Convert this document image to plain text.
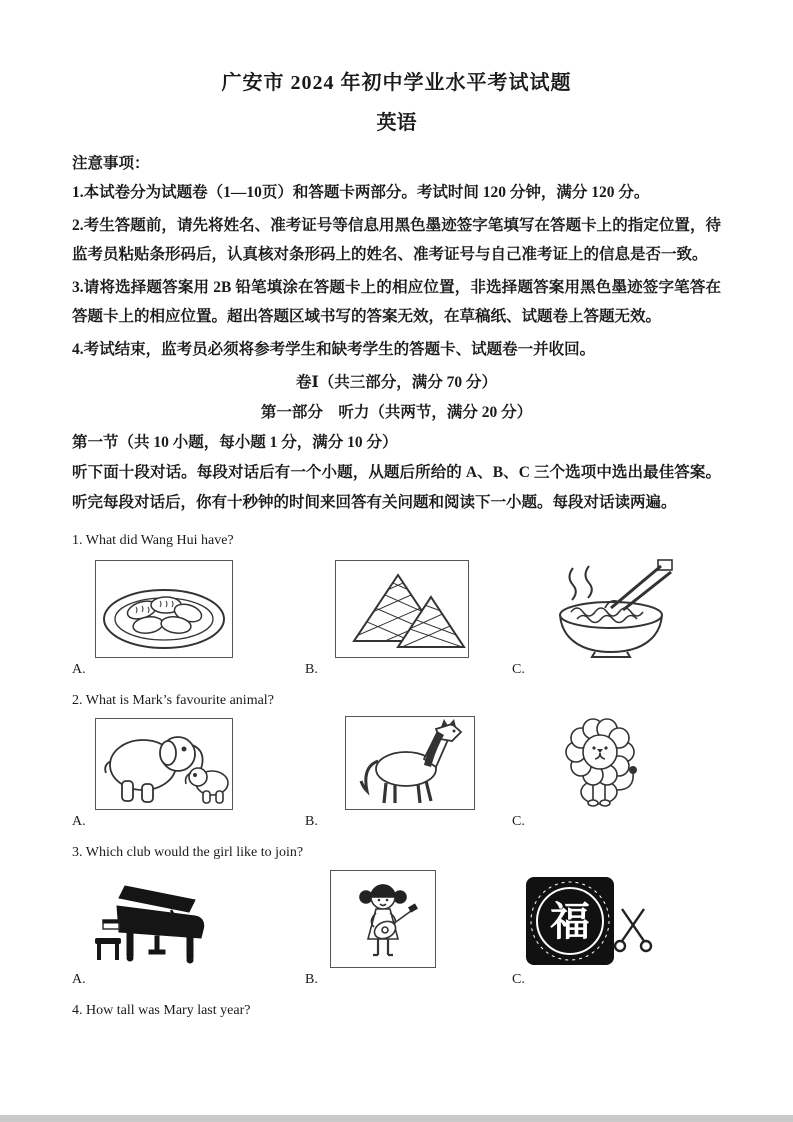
广安市 2024 年初中学业水平考试试题
英语

注意事项：

1.本试卷分为试题卷（1—10页）和答题卡两部分。考试时间 120 分钟，满分 120 分。

2.考生答题前，请先将姓名、准考证号等信息用黑色墨迹签字笔填写在答题卡上的指定位置，待监考员粘贴条形码后，认真核对条形码上的姓名、准考证号与自己准考证上的信息是否一致。

3.请将选择题答案用 2B 铅笔填涂在答题卡上的相应位置，非选择题答案用黑色墨迹签字笔答在答题卡上的相应位置。超出答题区域书写的答案无效，在草稿纸、试题卷上答题无效。

4.考试结束，监考员必须将参考学生和缺考学生的答题卡、试题卷一并收回。

卷Ⅰ（共三部分，满分 70 分）

第一部分　听力（共两节，满分 20 分）

第一节（共 10 小题，每小题 1 分，满分 10 分）

听下面十段对话。每段对话后有一个小题，从题后所给的 A、B、C 三个选项中选出最佳答案。听完每段对话后，你有十秒钟的时间来回答有关问题和阅读下一小题。每段对话读两遍。

1. What did Wang Hui have?

A.	B.	C.

2. What is Mark’s favourite animal?

A.	B.	C.

3. Which club would the girl like to join?

A.	B.
福
C.

4. How tall was Mary last year?
